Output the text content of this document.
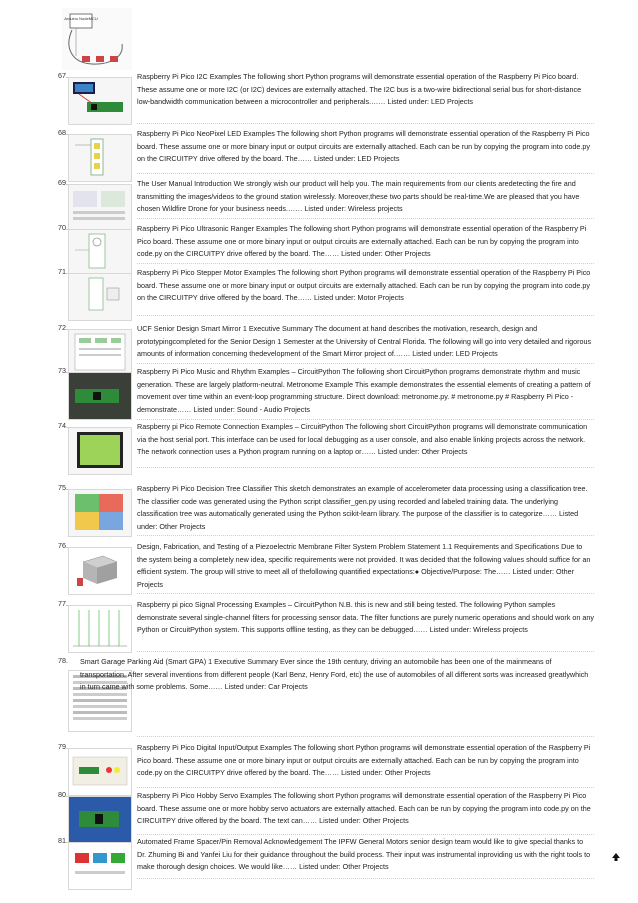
Arduino NodeMCU
67.	Raspberry Pi Pico I2C Examples The following short Python programs will demonstrate essential operation of the Raspberry Pi Pico board. These assume one or more I2C (or I2C) devices are externally attached. The I2C bus is a two-wire bidirectional serial bus for short-distance low-bandwidth communication between a microcontroller and peripherals.…… Listed under: LED Projects
68.	Raspberry Pi Pico NeoPixel LED Examples The following short Python programs will demonstrate essential operation of the Raspberry Pi Pico board. These assume one or more binary input or output circuits are externally attached. Each can be run by copying the program into code.py on the CIRCUITPY drive offered by the board. The…… Listed under: LED Projects
69.	The User Manual Introduction We strongly wish our product will help you. The main requirements from our clients aredetecting the fire and transmitting the images/videos to the ground station wirelessly. Moreover,these two parts should be real-time.We are pleased that you have chosen Wildfire Drone for your business needs.…… Listed under: Wireless projects
70.	Raspberry Pi Pico Ultrasonic Ranger Examples The following short Python programs will demonstrate essential operation of the Raspberry Pi Pico board. These assume one or more binary input or output circuits are externally attached. Each can be run by copying the program into code.py on the CIRCUITPY drive offered by the board. The…… Listed under: Other Projects
71.	Raspberry Pi Pico Stepper Motor Examples The following short Python programs will demonstrate essential operation of the Raspberry Pi Pico board. These assume one or more binary input or output circuits are externally attached. Each can be run by copying the program into code.py on the CIRCUITPY drive offered by the board. The…… Listed under: Motor Projects
72.	UCF Senior Design Smart Mirror 1 Executive Summary The document at hand describes the motivation, research, design and prototypingcompleted for the Senior Design 1 Semester at the University of Central Florida. The following will go into very detailed and rigorous amounts of information concerning thedevelopment of the Smart Mirror project of.…… Listed under: LED Projects
73.	Raspberry Pi Pico Music and Rhythm Examples – CircuitPython The following short CircuitPython programs demonstrate rhythm and music generation. These are largely platform-neutral. Metronome Example This example demonstrates the essential elements of creating a pattern of movement over time within an event-loop programming structure. Direct download: metronome.py. # metronome.py # Raspberry Pi Pico - demonstrate…… Listed under: Sound - Audio Projects
74.	Raspberry pi Pico Remote Connection Examples – CircuitPython The following short CircuitPython programs will demonstrate communication via the host serial port. This interface can be used for local debugging as a user console, and also enable linking projects across the network. The network connection uses a Python program running on a laptop or…… Listed under: Other Projects
75.	Raspberry Pi Pico Decision Tree Classifier This sketch demonstrates an example of accelerometer data processing using a classification tree. The classifier code was generated using the Python script classifier_gen.py using recorded and labeled training data. The underlying classification tree was automatically generated using the Python scikit-learn library. The purpose of the classifier is to categorize…… Listed under: Other Projects
76.	Design, Fabrication, and Testing of a Piezoelectric Membrane Filter System Problem Statement 1.1 Requirements and Specifications Due to the system being a completely new idea, specific requirements were not provided. It was decided that the following values should suffice for an efficient system. The group will strive to meet all of thefollowing quantified expectations:● Objective/Purpose: The…… Listed under: Other Projects
77.	Raspberry pi pico Signal Processing Examples – CircuitPython N.B. this is new and still being tested. The following Python samples demonstrate several single-channel filters for processing sensor data. The filter functions are purely numeric operations and should work on any Python or CircuitPython system. This supports offline testing, as they can be debugged…… Listed under: Wireless projects
78. Smart Garage Parking Aid (Smart GPA) 1 Executive Summary Ever since the 19th century, driving an automobile has been one of the mainmeans of transportation. After several inventions from different people (Karl Benz, Henry Ford, etc) the use of automobiles of all different sorts was increased greatlywhich in turn came with some problems. Some…… Listed under: Car Projects
79.	Raspberry Pi Pico Digital Input/Output Examples The following short Python programs will demonstrate essential operation of the Raspberry Pi Pico board. These assume one or more binary input or output circuits are externally attached. Each can be run by copying the program into code.py on the CIRCUITPY drive offered by the board. The…… Listed under: Other Projects
80.	Raspberry Pi Pico Hobby Servo Examples The following short Python programs will demonstrate essential operation of the Raspberry Pi Pico board. These assume one or more hobby servo actuators are externally attached. Each can be run by copying the program into code.py on the CIRCUITPY drive offered by the board. The text can…… Listed under: Other Projects
81.	Automated Frame Spacer/Pin Removal Acknowledgement The IPFW General Motors senior design team would like to give special thanks to Dr. Zhuming Bi and Yanfei Liu for their guidance throughout the build process. Their input was instrumental inproviding us with the right tools to make thorough design choices. We would like…… Listed under: Other Projects
